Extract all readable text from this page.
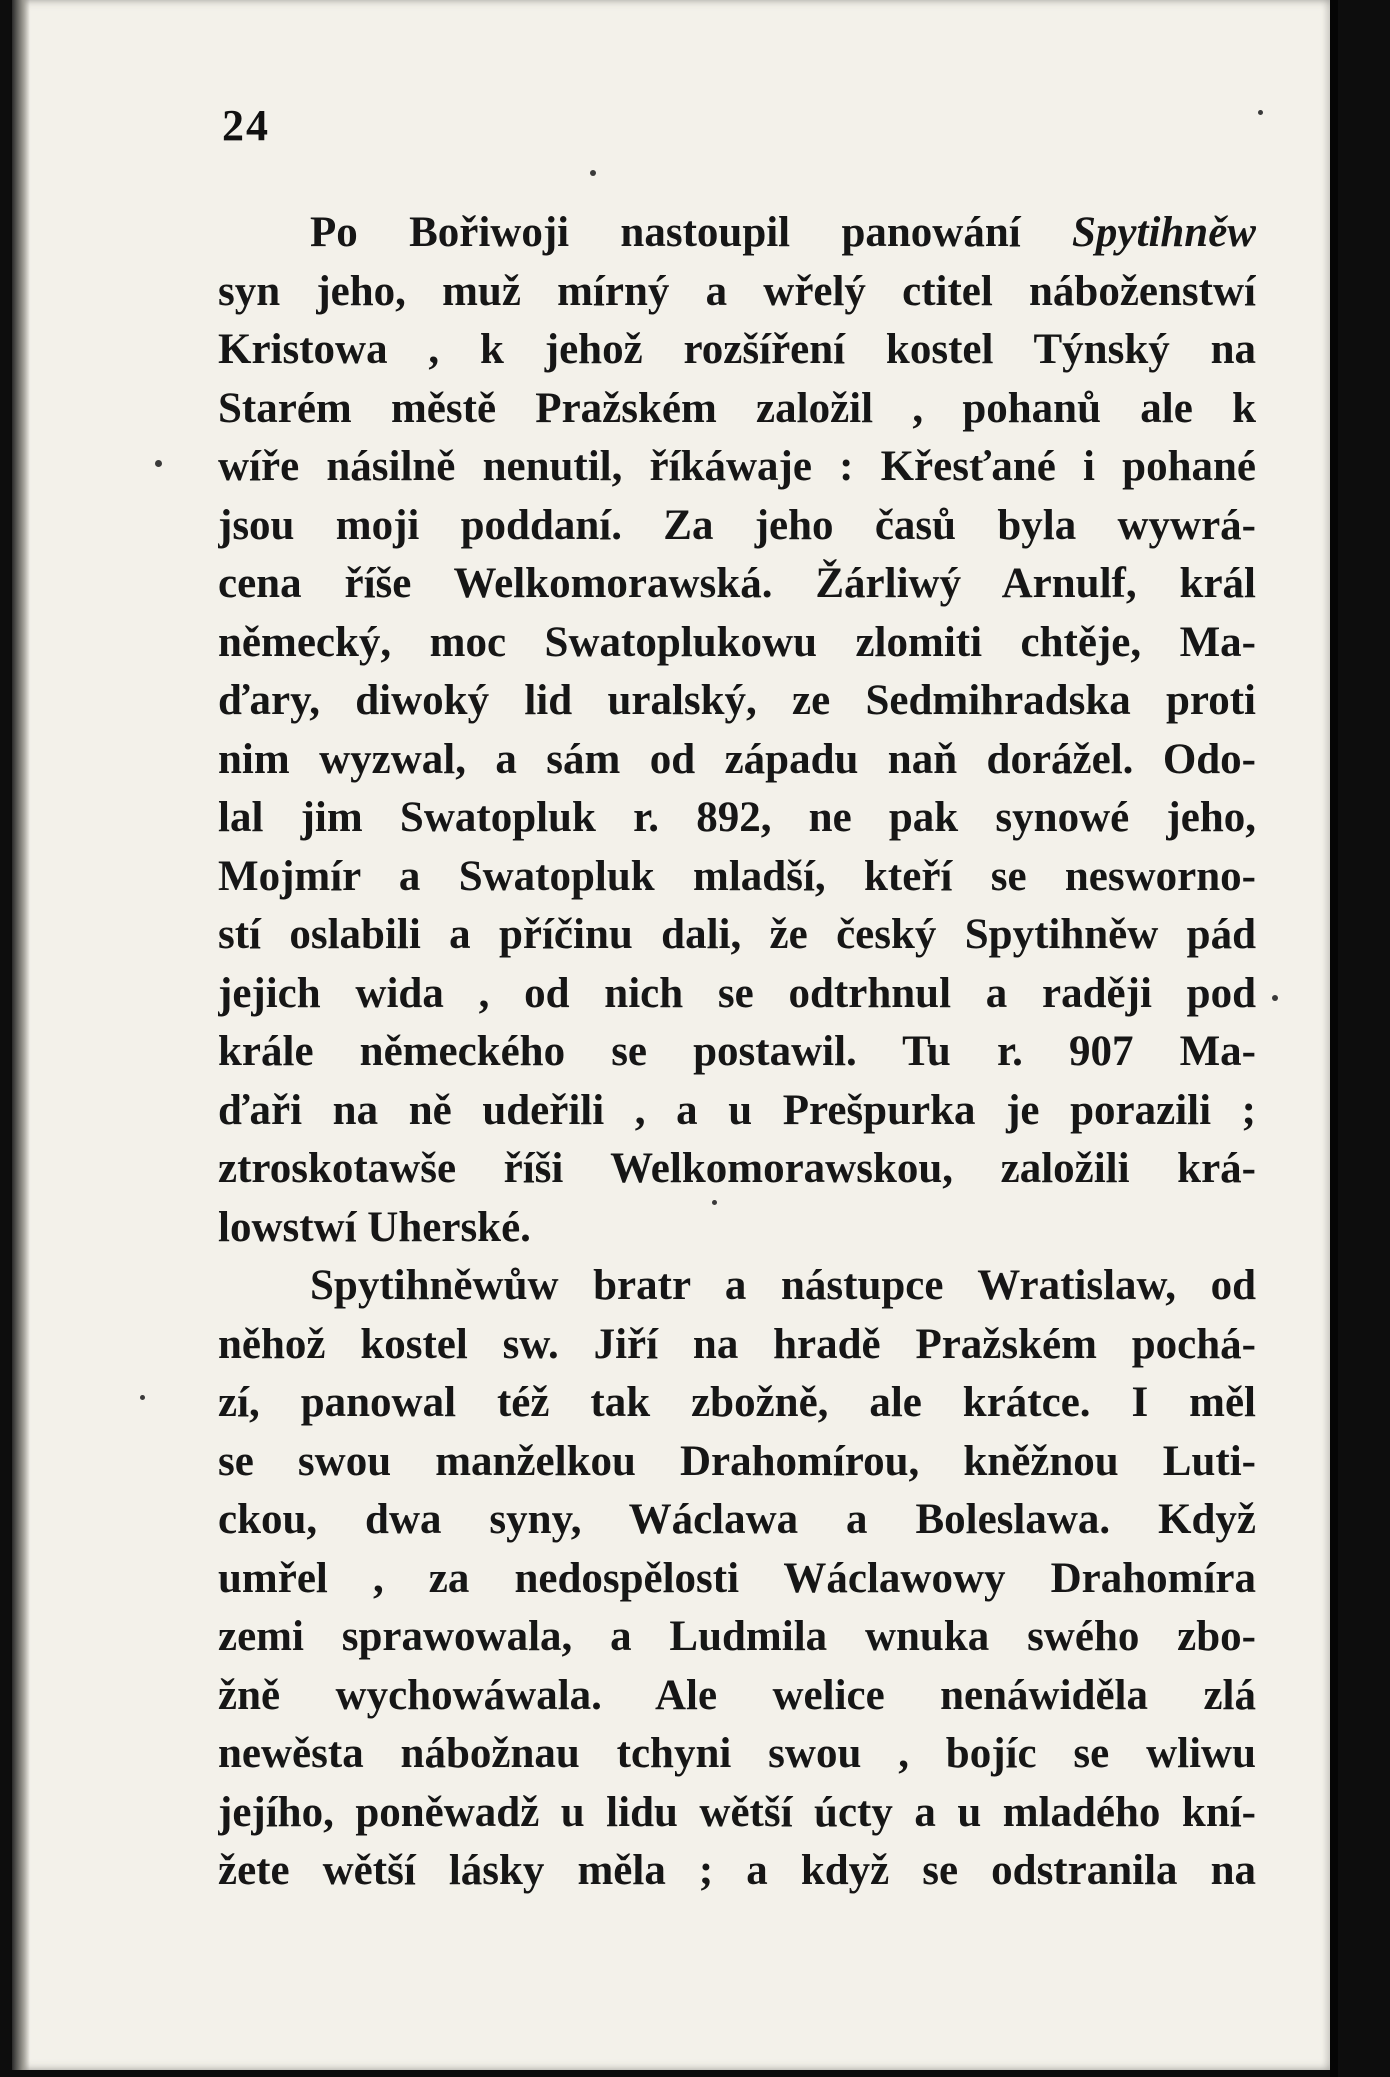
24
Po Bořiwoji nastoupil panowání Spytihněw
syn jeho, muž mírný a wřelý ctitel náboženstwí
Kristowa , k jehož rozšíření kostel Týnský na
Starém městě Pražském založil , pohanů ale k
wíře násilně nenutil, říkáwaje : Křesťané i pohané
jsou moji poddaní. Za jeho časů byla wywrá-
cena říše Welkomorawská. Žárliwý Arnulf, král
německý, moc Swatoplukowu zlomiti chtěje, Ma-
ďary, diwoký lid uralský, ze Sedmihradska proti
nim wyzwal, a sám od západu naň dorážel. Odo-
lal jim Swatopluk r. 892, ne pak synowé jeho,
Mojmír a Swatopluk mladší, kteří se nesworno-
stí oslabili a příčinu dali, že český Spytihněw pád
jejich wida , od nich se odtrhnul a raději pod
krále německého se postawil. Tu r. 907 Ma-
ďaři na ně udeřili , a u Prešpurka je porazili ;
ztroskotawše říši Welkomorawskou, založili krá-
lowstwí Uherské.
Spytihněwůw bratr a nástupce Wratislaw, od
něhož kostel sw. Jiří na hradě Pražském pochá-
zí, panowal též tak zbožně, ale krátce. I měl
se swou manželkou Drahomírou, kněžnou Luti-
ckou, dwa syny, Wáclawa a Boleslawa. Když
umřel , za nedospělosti Wáclawowy Drahomíra
zemi sprawowala, a Ludmila wnuka swého zbo-
žně wychowáwala. Ale welice nenáwiděla zlá
newěsta nábožnau tchyni swou , bojíc se wliwu
jejího, poněwadž u lidu wětší úcty a u mladého kní-
žete wětší lásky měla ; a když se odstranila na
